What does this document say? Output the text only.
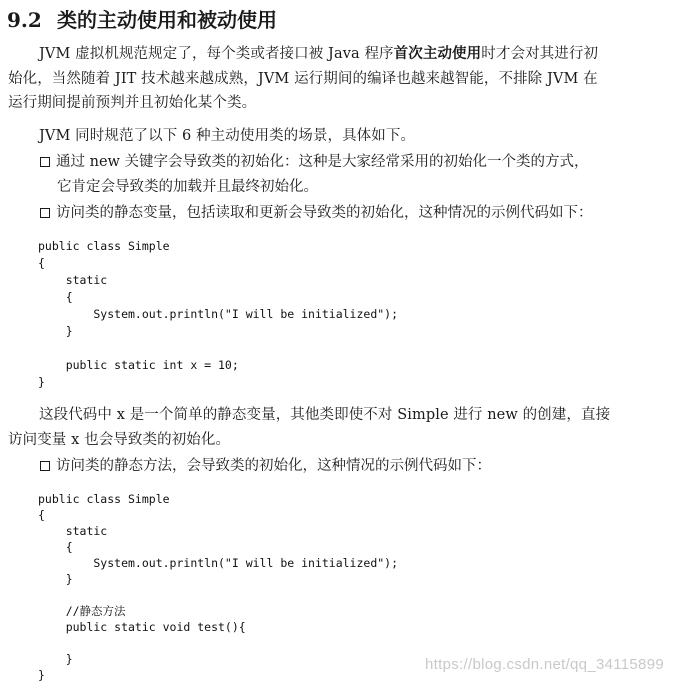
9.2 类的主动使用和被动使用
JVM 虚拟机规范规定了，每个类或者接口被 Java 程序首次主动使用时才会对其进行初
始化，当然随着 JIT 技术越来越成熟，JVM 运行期间的编译也越来越智能，不排除 JVM 在
运行期间提前预判并且初始化某个类。
JVM 同时规范了以下 6 种主动使用类的场景，具体如下。
通过 new 关键字会导致类的初始化：这种是大家经常采用的初始化一个类的方式，
它肯定会导致类的加载并且最终初始化。
访问类的静态变量，包括读取和更新会导致类的初始化，这种情况的示例代码如下：
public class Simple
{
static
{
System.out.println("I will be initialized");
}
public static int x = 10;
}
这段代码中 x 是一个简单的静态变量，其他类即使不对 Simple 进行 new 的创建，直接
访问变量 x 也会导致类的初始化。
访问类的静态方法，会导致类的初始化，这种情况的示例代码如下：
public class Simple
{
static
{
System.out.println("I will be initialized");
}
//静态方法
public static void test(){
}
}
https://blog.csdn.net/qq_34115899
